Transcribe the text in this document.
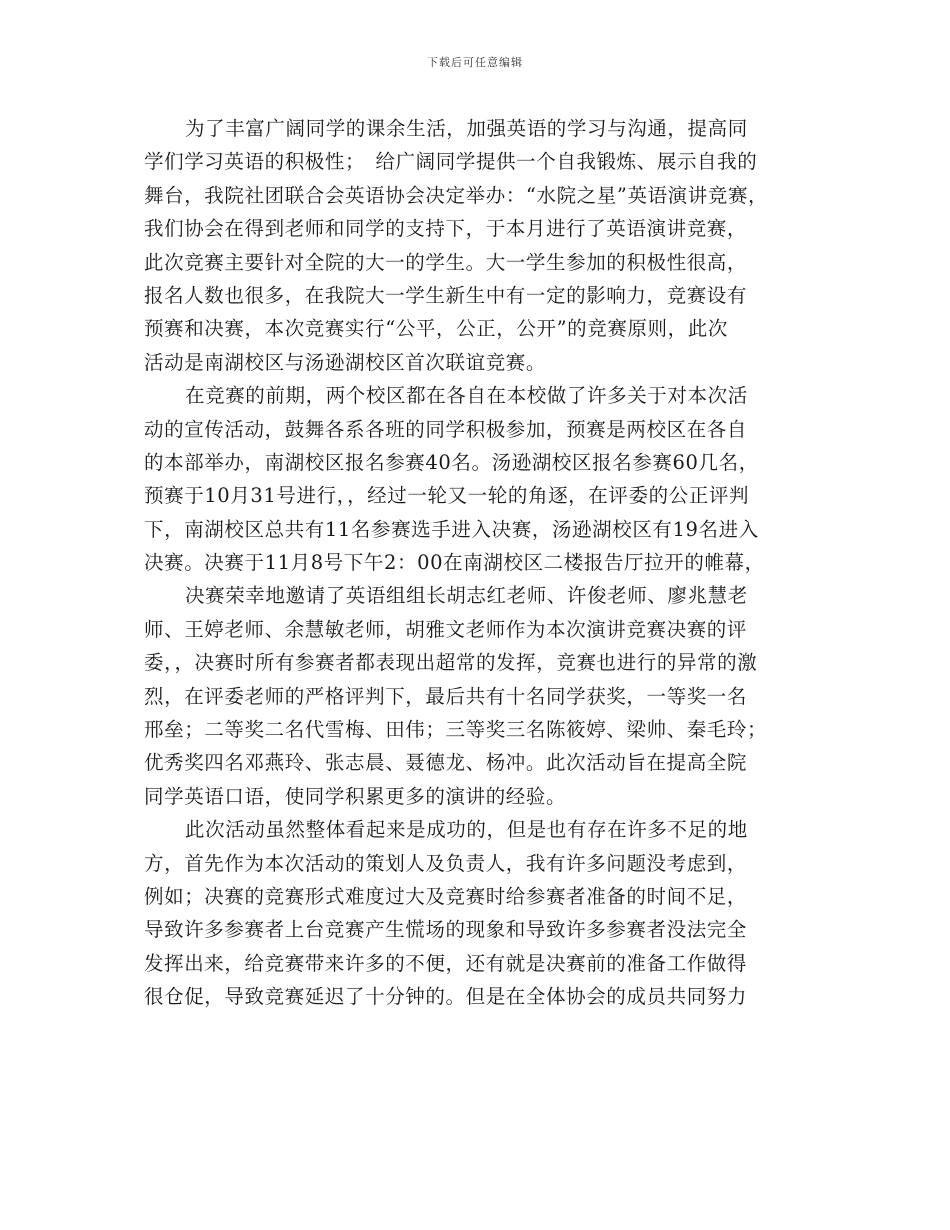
下载后可任意编辑
为了丰富广阔同学的课余生活，加强英语的学习与沟通，提高同
学们学习英语的积极性；　给广阔同学提供一个自我锻炼、展示自我的
舞台，我院社团联合会英语协会决定举办：“水院之星”英语演讲竞赛，
我们协会在得到老师和同学的支持下，于本月进行了英语演讲竞赛，
此次竞赛主要针对全院的大一的学生。大一学生参加的积极性很高，
报名人数也很多，在我院大一学生新生中有一定的影响力，竞赛设有
预赛和决赛，本次竞赛实行“公平，公正，公开”的竞赛原则，此次
活动是南湖校区与汤逊湖校区首次联谊竞赛。
在竞赛的前期，两个校区都在各自在本校做了许多关于对本次活
动的宣传活动，鼓舞各系各班的同学积极参加，预赛是两校区在各自
的本部举办，南湖校区报名参赛40名。汤逊湖校区报名参赛60几名，
预赛于10月31号进行，，经过一轮又一轮的角逐，在评委的公正评判
下，南湖校区总共有11名参赛选手进入决赛，汤逊湖校区有19名进入
决赛。决赛于11月8号下午2：00在南湖校区二楼报告厅拉开的帷幕，
决赛荣幸地邀请了英语组组长胡志红老师、许俊老师、廖兆慧老
师、王婷老师、余慧敏老师，胡雅文老师作为本次演讲竞赛决赛的评
委，，决赛时所有参赛者都表现出超常的发挥，竞赛也进行的异常的激
烈，在评委老师的严格评判下，最后共有十名同学获奖，一等奖一名
邢垒；二等奖二名代雪梅、田伟；三等奖三名陈筱婷、梁帅、秦毛玲；
优秀奖四名邓燕玲、张志晨、聂德龙、杨冲。此次活动旨在提高全院
同学英语口语，使同学积累更多的演讲的经验。
此次活动虽然整体看起来是成功的，但是也有存在许多不足的地
方，首先作为本次活动的策划人及负责人，我有许多问题没考虑到，
例如；决赛的竞赛形式难度过大及竞赛时给参赛者准备的时间不足，
导致许多参赛者上台竞赛产生慌场的现象和导致许多参赛者没法完全
发挥出来，给竞赛带来许多的不便，还有就是决赛前的准备工作做得
很仓促，导致竞赛延迟了十分钟的。但是在全体协会的成员共同努力
